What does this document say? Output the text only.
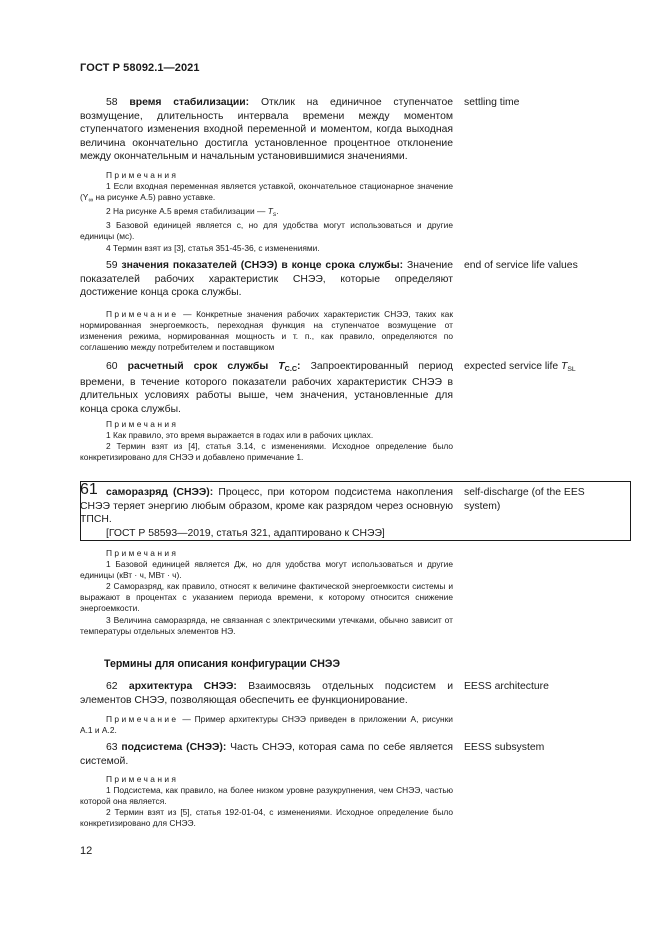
ГОСТ Р 58092.1—2021
58 время стабилизации: Отклик на единичное ступенчатое возмущение, длительность интервала времени между моментом ступенчатого изменения входной переменной и моментом, когда выходная величина окончательно достигла установленное процентное отклонение между окончательным и начальным установившимися значениями.
settling time

Примечания

1 Если входная переменная является уставкой, окончательное стационарное значение ($Y_\infty$ на рисунке А.5) равно уставке.

2 На рисунке А.5 время стабилизации — $T_s$.

3 Базовой единицей является с, но для удобства могут использоваться и другие единицы (мс).

4 Термин взят из [3], статья 351-45-36, с изменениями.

59 значения показателей (СНЭЭ) в конце срока службы: Значение показателей рабочих характеристик СНЭЭ, которые определяют достижение конца срока службы.
end of service life values

Примечание — Конкретные значения рабочих характеристик СНЭЭ, таких как нормированная энергоемкость, переходная функция на ступенчатое возмущение от изменения режима, нормированная мощность и т. п., как правило, определяются по соглашению между потребителем и поставщиком

60 расчетный срок службы TС.С: Запроектированный период времени, в течение которого показатели рабочих характеристик СНЭЭ в длительных условиях работы выше, чем значения, установленные для конца срока службы.
expected service life $T_{SL}$

Примечания

1 Как правило, это время выражается в годах или в рабочих циклах.

2 Термин взят из [4], статья 3.14, с изменениями. Исходное определение было конкретизировано для СНЭЭ и добавлено примечание 1.

61 саморазряд (СНЭЭ): Процесс, при котором подсистема накопления СНЭЭ теряет энергию любым образом, кроме как разрядом через основную ТПСН.
[ГОСТ Р 58593—2019, статья 321, адаптировано к СНЭЭ]
self-discharge (of the EES system)

Примечания

1 Базовой единицей является Дж, но для удобства могут использоваться и другие единицы (кВт · ч, МВт · ч).

2 Саморазряд, как правило, относят к величине фактической энергоемкости системы и выражают в процентах с указанием периода времени, к которому относится снижение энергоемкости.

3 Величина саморазряда, не связанная с электрическими утечками, обычно зависит от температуры отдельных элементов НЭ.

Термины для описания конфигурации СНЭЭ
62 архитектура СНЭЭ: Взаимосвязь отдельных подсистем и элементов СНЭЭ, позволяющая обеспечить ее функционирование.
EESS architecture

Примечание — Пример архитектуры СНЭЭ приведен в приложении А, рисунки А.1 и А.2.

63 подсистема (СНЭЭ): Часть СНЭЭ, которая сама по себе является системой.
EESS subsystem

Примечания

1 Подсистема, как правило, на более низком уровне разукрупнения, чем СНЭЭ, частью которой она является.

2 Термин взят из [5], статья 192-01-04, с изменениями. Исходное определение было конкретизировано для СНЭЭ.

12
